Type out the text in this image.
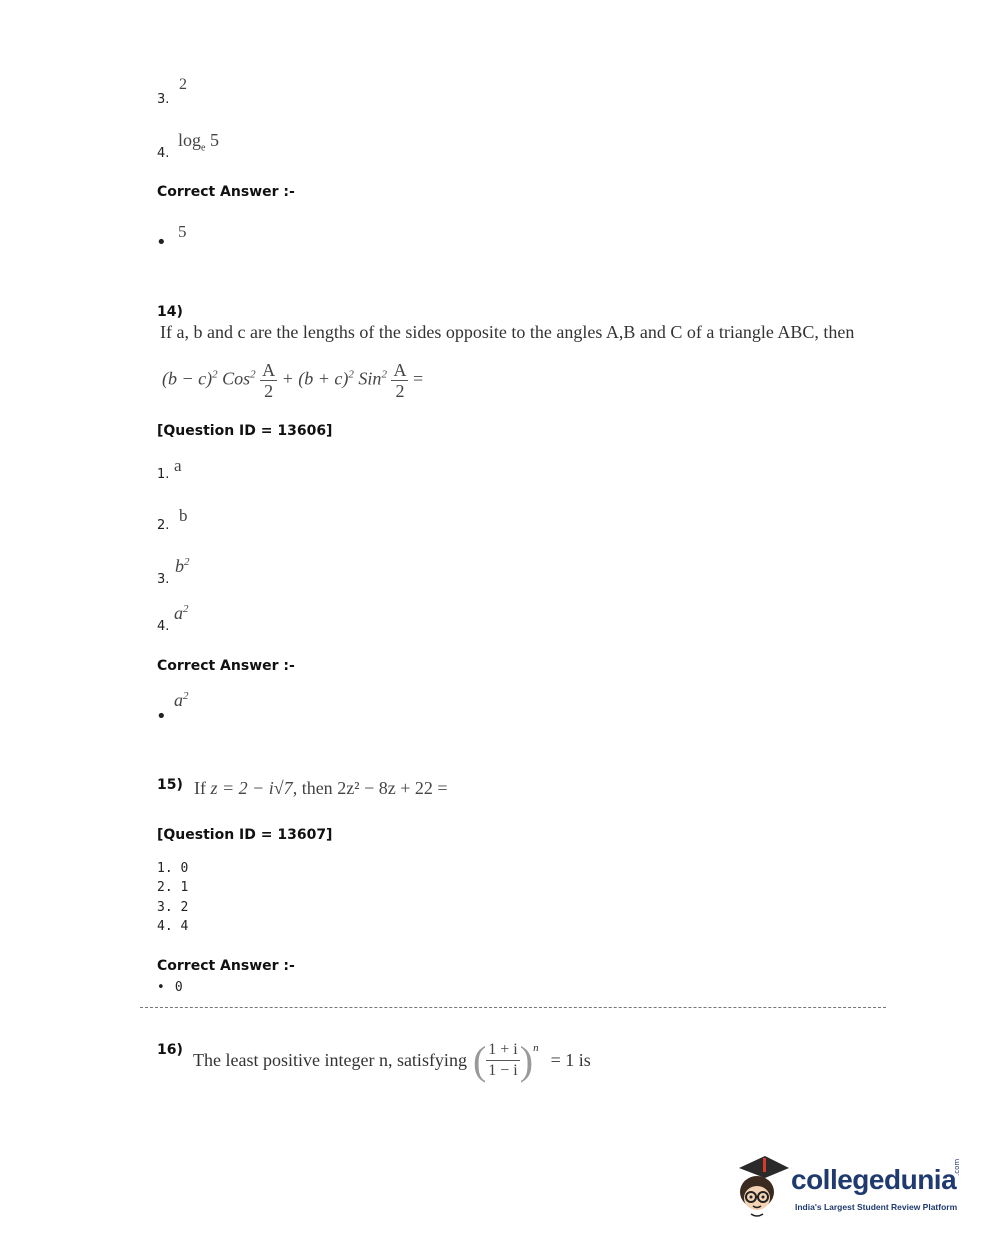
3.
2
4.
$\log_e 5$
Correct Answer :-
•
5
14)
If a, b and c are the lengths of the sides opposite to the angles A,B and C of a triangle ABC, then
$(b - c)^2$ $Cos^2 \frac{A}{2} + (b + c)^2$ $Sin^2 \frac{A}{2}$ =
[Question ID = 13606]
1. a
2.
b
3.
$b^2$
4.
$a^2$
Correct Answer :-
•
$a^2$
15) If z = 2 − i√7, then 2z² − 8z + 22 =
[Question ID = 13607]
1. 0
2. 1
3. 2
4. 4
Correct Answer :-
• 0
16) The least positive integer n, satisfying ( $\frac{1 + i}{1 - i}$ ) n
= 1 is
collegedunia
.com
India's Largest Student Review Platform
